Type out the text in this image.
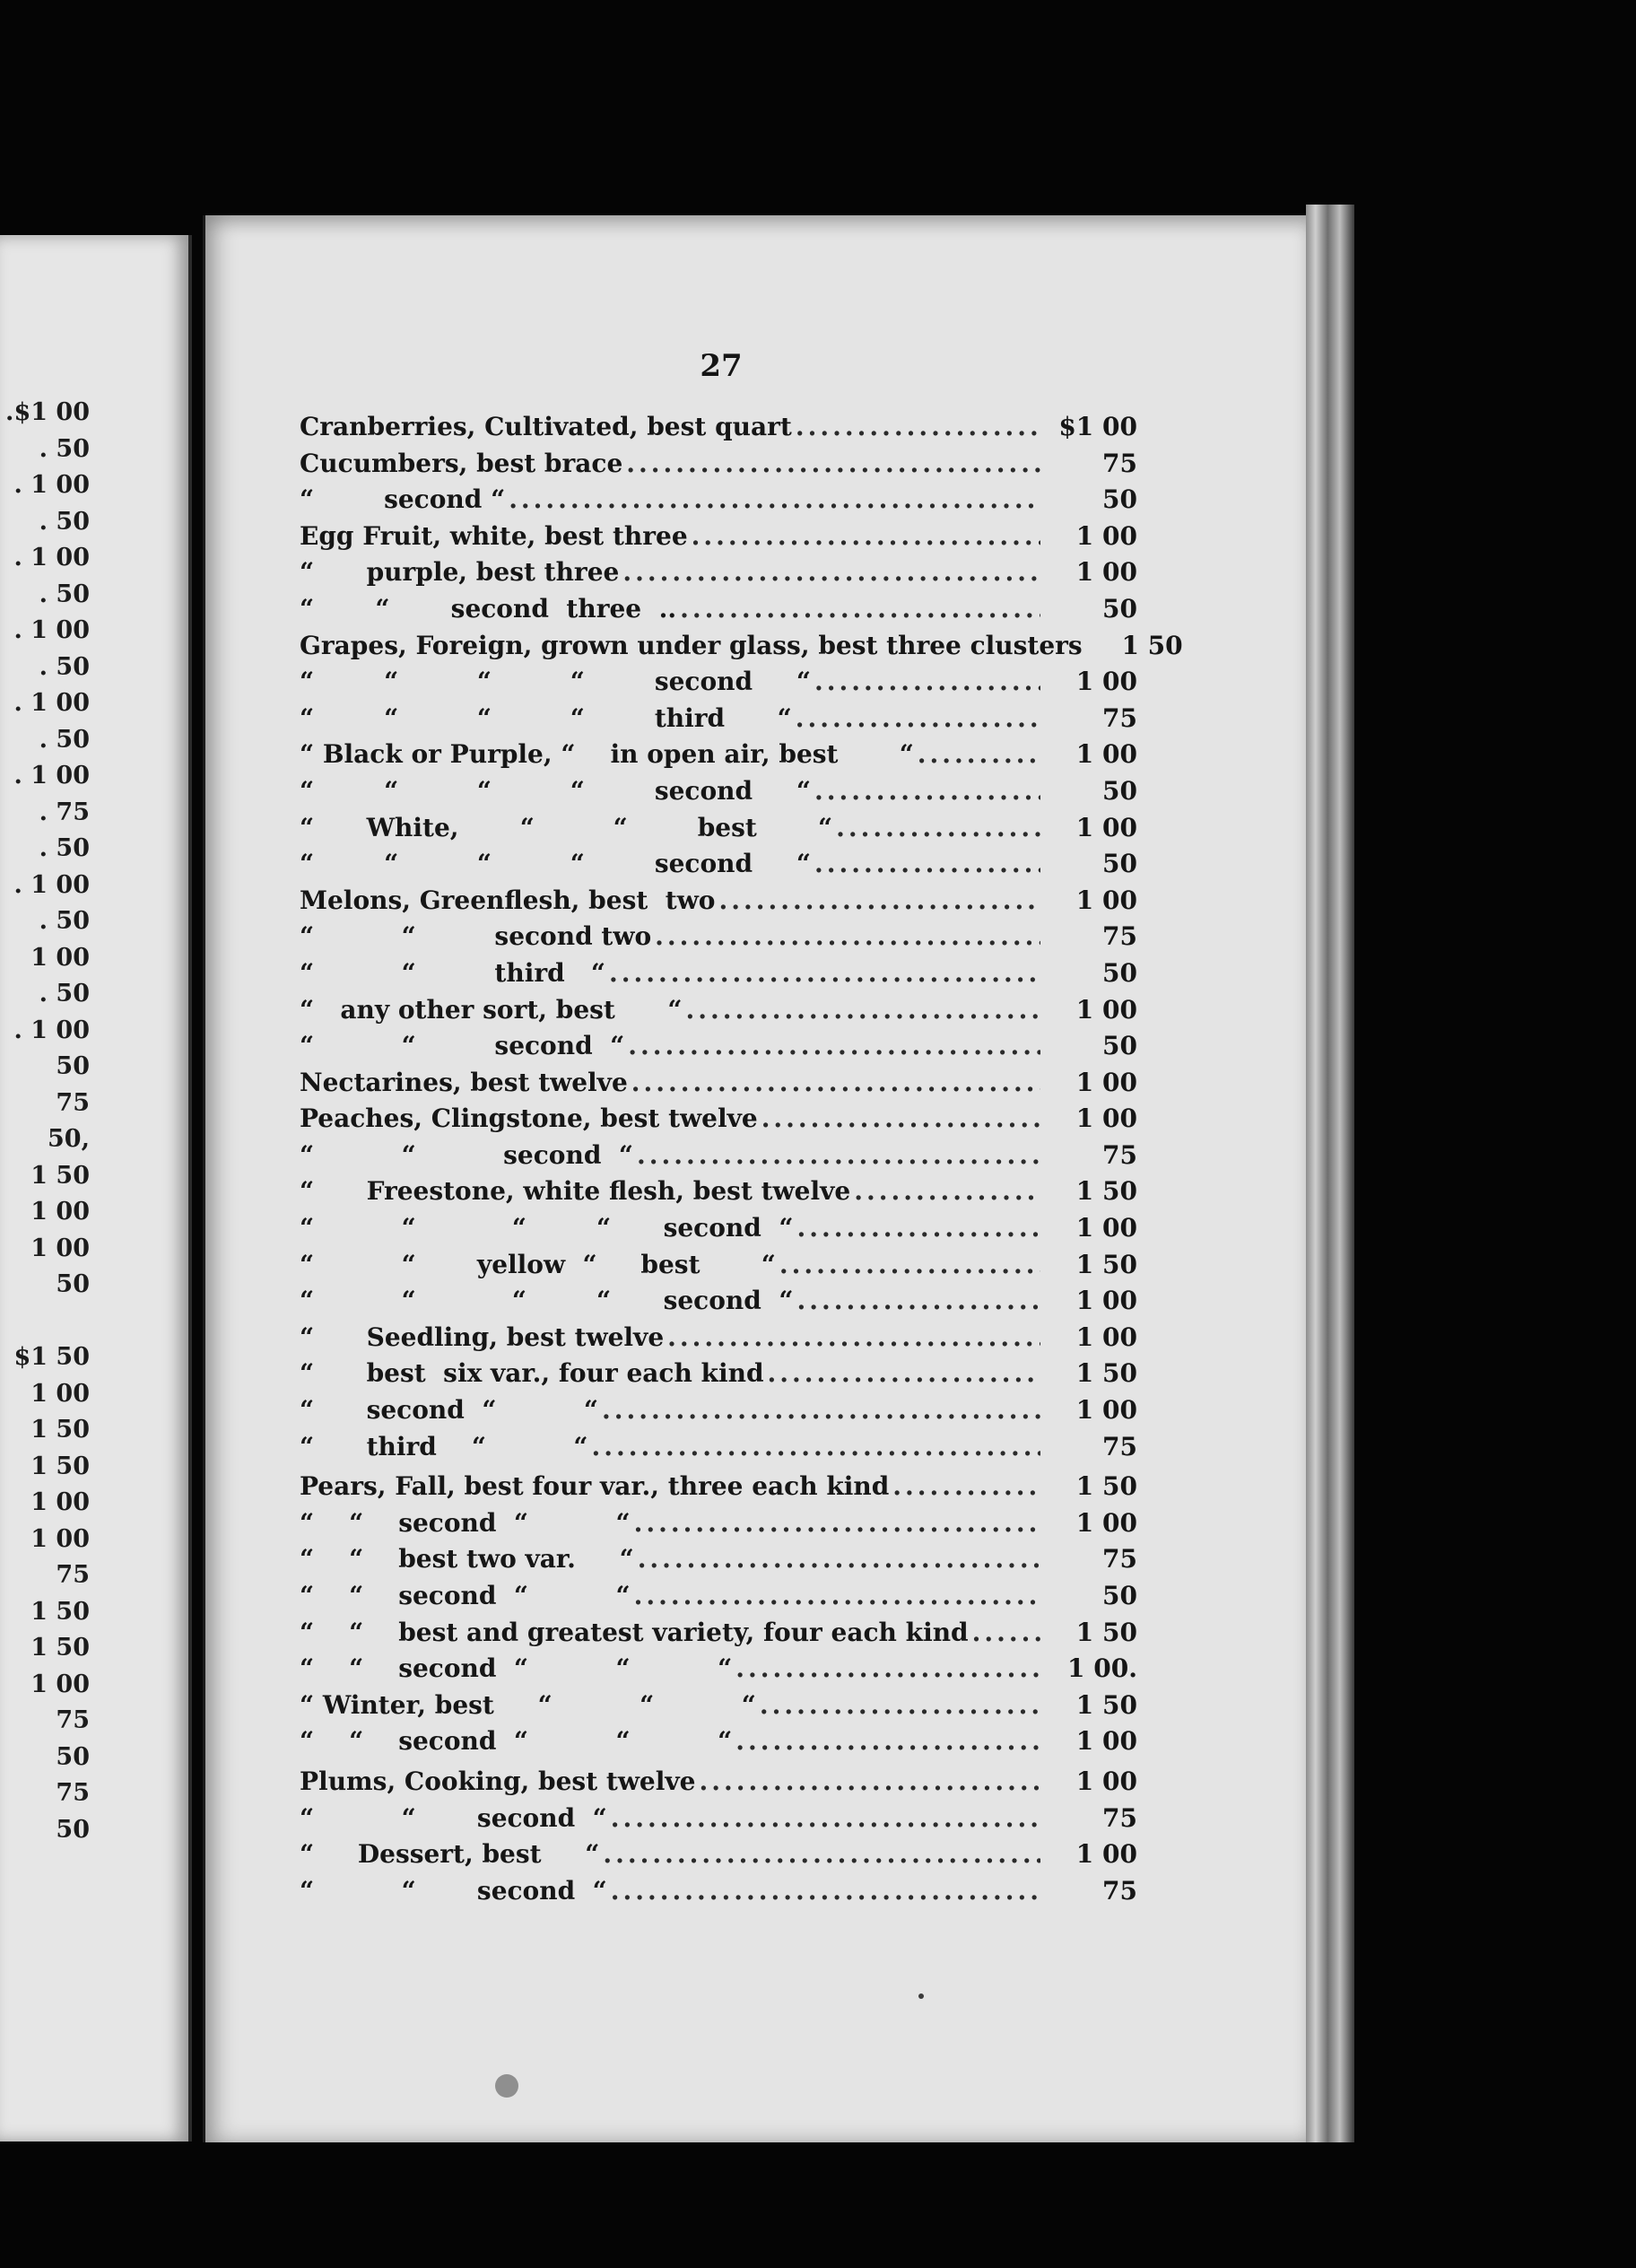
.$1 00
. 50
. 1 00
. 50
. 1 00
. 50
. 1 00
. 50
. 1 00
. 50
. 1 00
. 75
. 50
. 1 00
. 50
1 00
. 50
. 1 00
50
75
50,
1 50
1 00
1 00
50
$1 50
1 00
1 50
1 50
1 00
1 00
75
1 50
1 50
1 00
75
50
75
50
27
Cranberries, Cultivated, best quart .....	$1 00
Cucumbers, best brace .....	75
“        second “ .....	50
Egg Fruit, white, best three .....	1 00
“      purple, best three .....	1 00
“       “       second  three  .. .....	50
Grapes, Foreign, grown under glass, best three clusters	1 50
“        “         “         “        second     “ .....	1 00
“        “         “         “        third      “ .....	75
“ Black or Purple, “    in open air, best       “ .....	1 00
“        “         “         “        second     “ .....	50
“      White,       “         “        best       “ .....	1 00
“        “         “         “        second     “ .....	50
Melons, Greenflesh, best  two .....	1 00
“          “         second two .....	75
“          “         third   “ .....	50
“   any other sort, best      “ .....	1 00
“          “         second  “ .....	50
Nectarines, best twelve .....	1 00
Peaches, Clingstone, best twelve .....	1 00
“          “          second  “ .....	75
“      Freestone, white flesh, best twelve .....	1 50
“          “           “        “      second  “ .....	1 00
“          “       yellow  “     best       “ .....	1 50
“          “           “        “      second  “ .....	1 00
“      Seedling, best twelve .....	1 00
“      best  six var., four each kind .....	1 50
“      second  “          “ .....	1 00
“      third    “          “ .....	75
Pears, Fall, best four var., three each kind .....	1 50
“    “    second  “          “ .....	1 00
“    “    best two var.     “ .....	75
“    “    second  “          “ .....	50
“    “    best and greatest variety, four each kind .....	1 50
“    “    second  “          “          “ .....	1 00.
“ Winter, best     “          “          “ .....	1 50
“    “    second  “          “          “ .....	1 00
Plums, Cooking, best twelve .....	1 00
“          “       second  “ .....	75
“     Dessert, best     “ .....	1 00
“          “       second  “ .....	75
